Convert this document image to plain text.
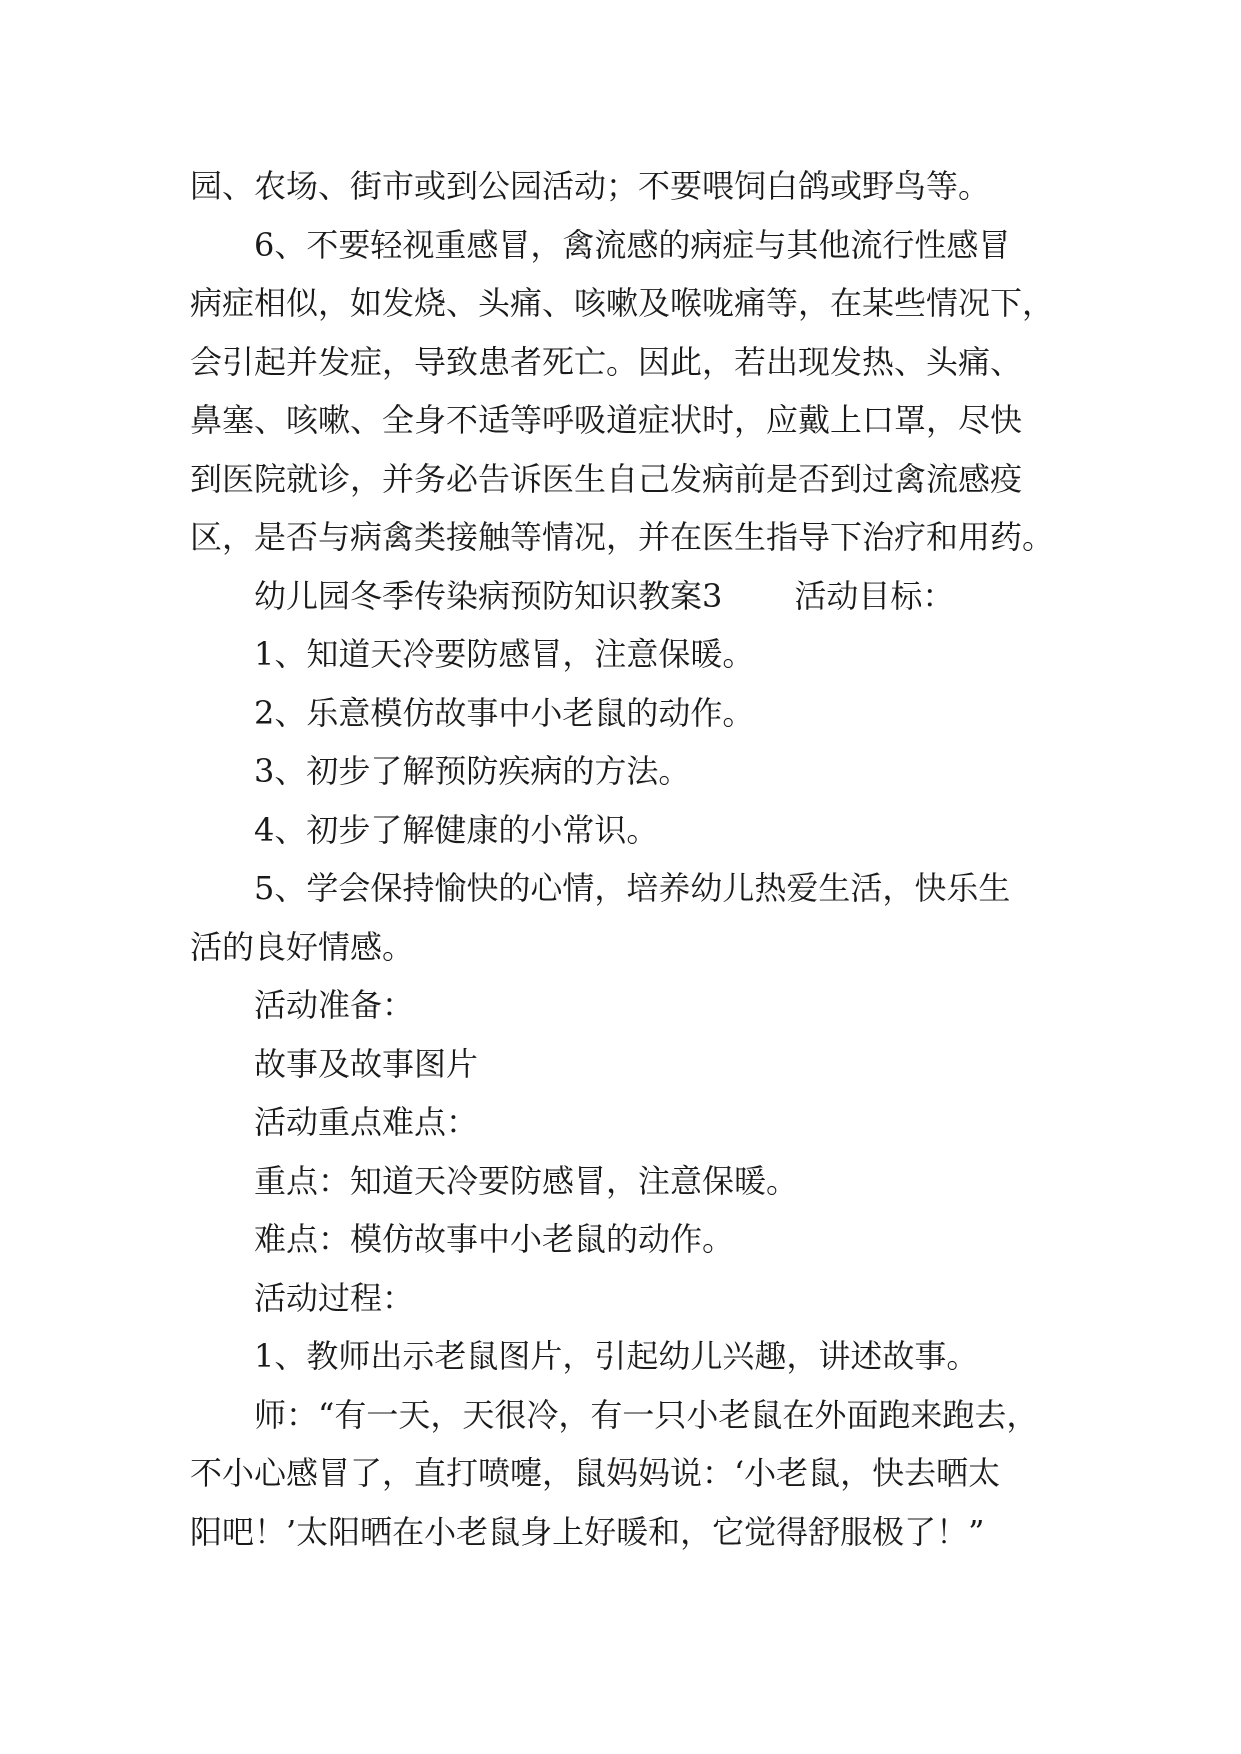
园、农场、街市或到公园活动；不要喂饲白鸽或野鸟等。
6、不要轻视重感冒，禽流感的病症与其他流行性感冒
病症相似，如发烧、头痛、咳嗽及喉咙痛等，在某些情况下，
会引起并发症，导致患者死亡。因此，若出现发热、头痛、
鼻塞、咳嗽、全身不适等呼吸道症状时，应戴上口罩，尽快
到医院就诊，并务必告诉医生自己发病前是否到过禽流感疫
区，是否与病禽类接触等情况，并在医生指导下治疗和用药。
幼儿园冬季传染病预防知识教案3 活动目标：
1、知道天冷要防感冒，注意保暖。
2、乐意模仿故事中小老鼠的动作。
3、初步了解预防疾病的方法。
4、初步了解健康的小常识。
5、学会保持愉快的心情，培养幼儿热爱生活，快乐生
活的良好情感。
活动准备：
故事及故事图片
活动重点难点：
重点：知道天冷要防感冒，注意保暖。
难点：模仿故事中小老鼠的动作。
活动过程：
1、教师出示老鼠图片，引起幼儿兴趣，讲述故事。
师：“有一天，天很冷，有一只小老鼠在外面跑来跑去，
不小心感冒了，直打喷嚏，鼠妈妈说：‘小老鼠，快去晒太
阳吧！’太阳晒在小老鼠身上好暖和，它觉得舒服极了！”
